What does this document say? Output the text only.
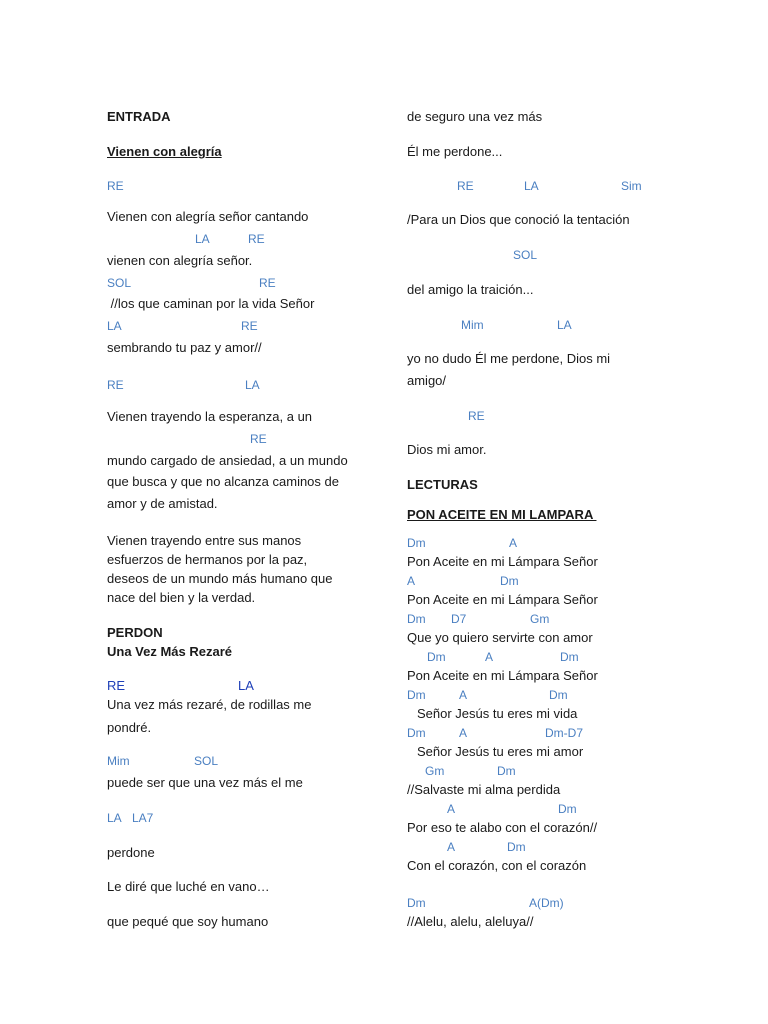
ENTRADA
Vienen con alegría
RE
Vienen con alegría señor cantando
LA	RE
vienen con alegría señor.
SOL	RE
//los que caminan por la vida Señor
LA	RE
sembrando tu paz y amor//
RE	LA
Vienen trayendo la esperanza, a un
RE
mundo cargado de ansiedad, a un mundo
que busca y que no alcanza caminos de
amor y de amistad.
Vienen trayendo entre sus manos
esfuerzos de hermanos por la paz,
deseos de un mundo más humano que
nace del bien y la verdad.
PERDON
Una Vez Más Rezaré
RE	LA
Una vez más rezaré, de rodillas me
pondré.
Mim	SOL
puede ser que una vez más el me
LA LA7
perdone
Le diré que luché en vano…
que pequé que soy humano
de seguro una vez más
Él me perdone...
RE	LA	Sim
/Para un Dios que conoció la tentación
SOL
del amigo la traición...
Mim	LA
yo no dudo Él me perdone, Dios mi
amigo/
RE
Dios mi amor.
LECTURAS
PON ACEITE EN MI LAMPARA
Dm	A
Pon Aceite en mi Lámpara Señor
A	Dm
Pon Aceite en mi Lámpara Señor
Dm D7	Gm
Que yo quiero servirte con amor
Dm	A	Dm
Pon Aceite en mi Lámpara Señor
Dm	A	Dm
Señor Jesús tu eres mi vida
Dm	A	Dm-D7
Señor Jesús tu eres mi amor
Gm	Dm
//Salvaste mi alma perdida
A	Dm
Por eso te alabo con el corazón//
A	Dm
Con el corazón, con el corazón
Dm	A(Dm)
//Alelu, alelu, aleluya//
